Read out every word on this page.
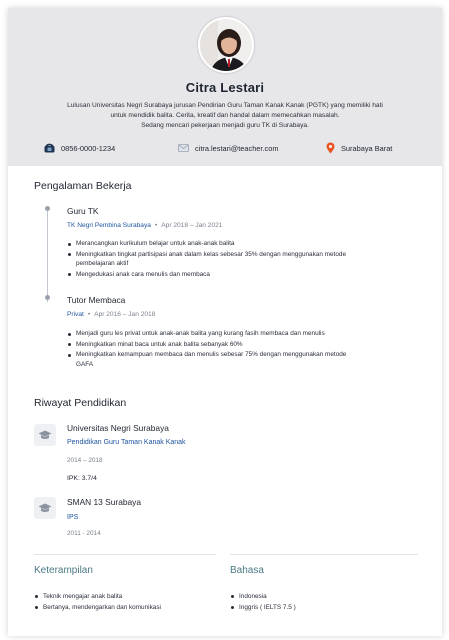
Citra Lestari
Lulusan Universitas Negri Surabaya jurusan Pendirian Guru Taman Kanak Kanak (PGTK) yang memiliki hati
untuk mendidik balita. Cerita, kreatif dan handal dalam memecahkan masalah.
Sedang mencari pekerjaan menjadi guru TK di Surabaya.
0856-0000-1234	citra.lestari@teacher.com	Surabaya Barat
Pengalaman Bekerja
Guru TK
TK Negri Pembina Surabaya • Apr 2018 – Jan 2021
Merancangkan kurikulum belajar untuk anak-anak balita
Meningkatkan tingkat partisipasi anak dalam kelas sebesar 35% dengan menggunakan metode
pembelajaran aktif
Mengedukasi anak cara menulis dan membaca
Tutor Membaca
Privat • Apr 2016 – Jan 2018
Menjadi guru les privat untuk anak-anak balita yang kurang fasih membaca dan menulis
Meningkatkan minat baca untuk anak balita sebanyak 60%
Meningkatkan kemampuan membaca dan menulis sebesar 75% dengan menggunakan metode
GAFA
Riwayat Pendidikan
Universitas Negri Surabaya
Pendidikan Guru Taman Kanak Kanak
2014 – 2018
IPK: 3.7/4
SMAN 13 Surabaya
IPS
2011 - 2014
Keterampilan
Teknik mengajar anak balita
Bertanya, mendengarkan dan komunikasi
Bahasa
Indonesia
Inggris ( IELTS 7.5 )
